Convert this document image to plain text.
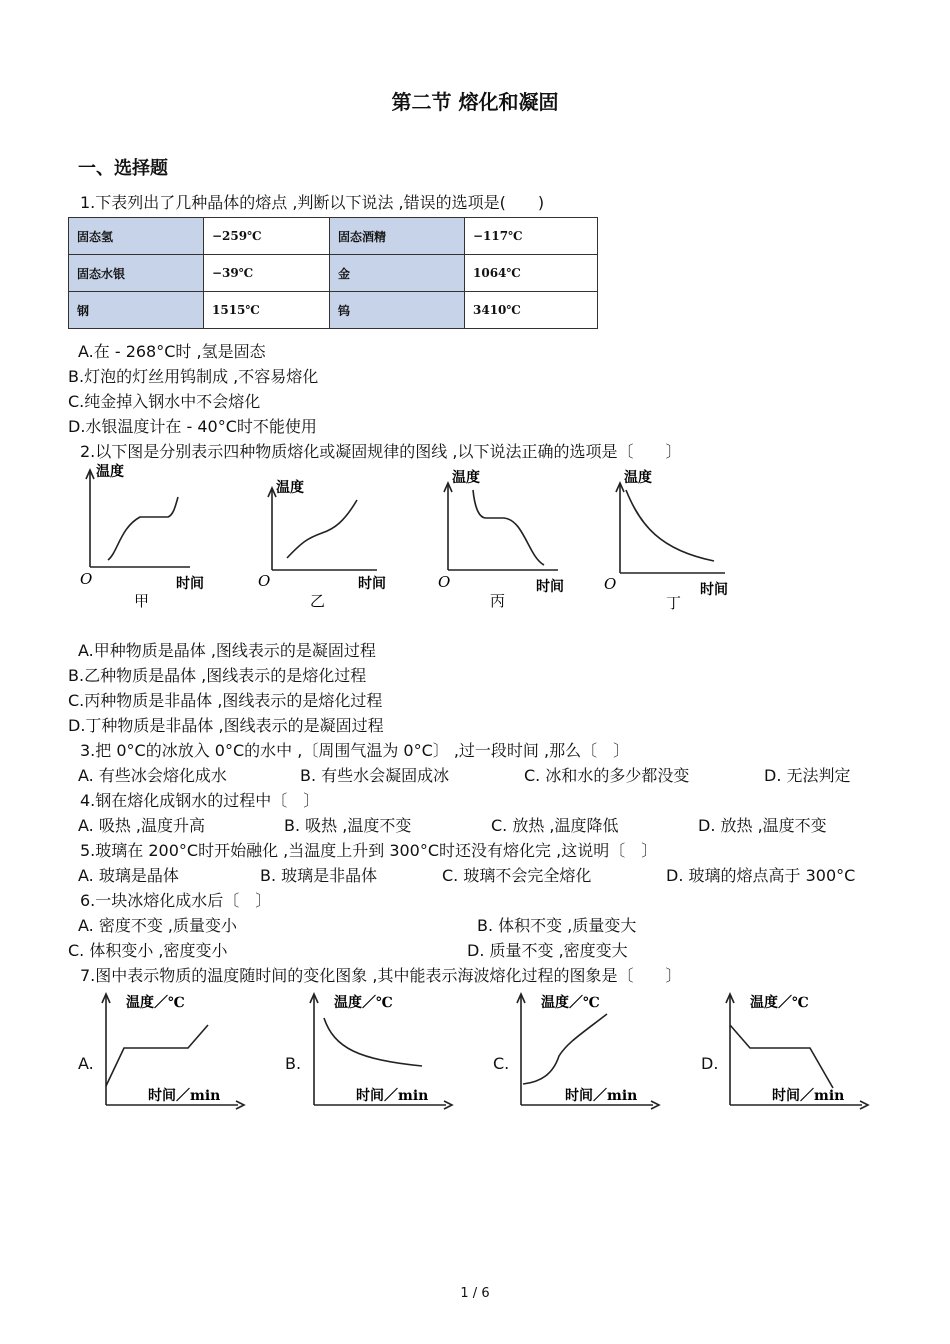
第二节 熔化和凝固
一、选择题
1.下表列出了几种晶体的熔点 ,判断以下说法 ,错误的选项是(　　)
固态氢	−259℃	固态酒精	−117℃
固态水银	−39℃	金	1064℃
钢	1515℃	钨	3410℃
A.在 - 268°C时 ,氢是固态
B.灯泡的灯丝用钨制成 ,不容易熔化
C.纯金掉入钢水中不会熔化
D.水银温度计在 - 40°C时不能使用
2.以下图是分别表示四种物质熔化或凝固规律的图线 ,以下说法正确的选项是〔　　〕
温度
O	时间
甲
温度
O	时间
乙
温度
O	时间
丙
温度
O	时间
丁
A.甲种物质是晶体 ,图线表示的是凝固过程
B.乙种物质是晶体 ,图线表示的是熔化过程
C.丙种物质是非晶体 ,图线表示的是熔化过程
D.丁种物质是非晶体 ,图线表示的是凝固过程
3.把 0°C的冰放入 0°C的水中 ,〔周围气温为 0°C〕 ,过一段时间 ,那么〔　〕
A. 有些冰会熔化成水	B. 有些水会凝固成冰	C. 冰和水的多少都没变	D. 无法判定
4.钢在熔化成钢水的过程中〔　〕
A. 吸热 ,温度升高	B. 吸热 ,温度不变	C. 放热 ,温度降低	D. 放热 ,温度不变
5.玻璃在 200°C时开始融化 ,当温度上升到 300°C时还没有熔化完 ,这说明〔　〕
A. 玻璃是晶体	B. 玻璃是非晶体	C. 玻璃不会完全熔化	D. 玻璃的熔点高于 300°C
6.一块冰熔化成水后〔　〕
A. 密度不变 ,质量变小	B. 体积不变 ,质量变大
C. 体积变小 ,密度变小	D. 质量不变 ,密度变大
7.图中表示物质的温度随时间的变化图象 ,其中能表示海波熔化过程的图象是〔　　〕
A.
温度／℃
时间／min
B.
温度／℃
时间／min
C.
温度／℃
时间／min
D.
温度／℃
时间／min
1 / 6
